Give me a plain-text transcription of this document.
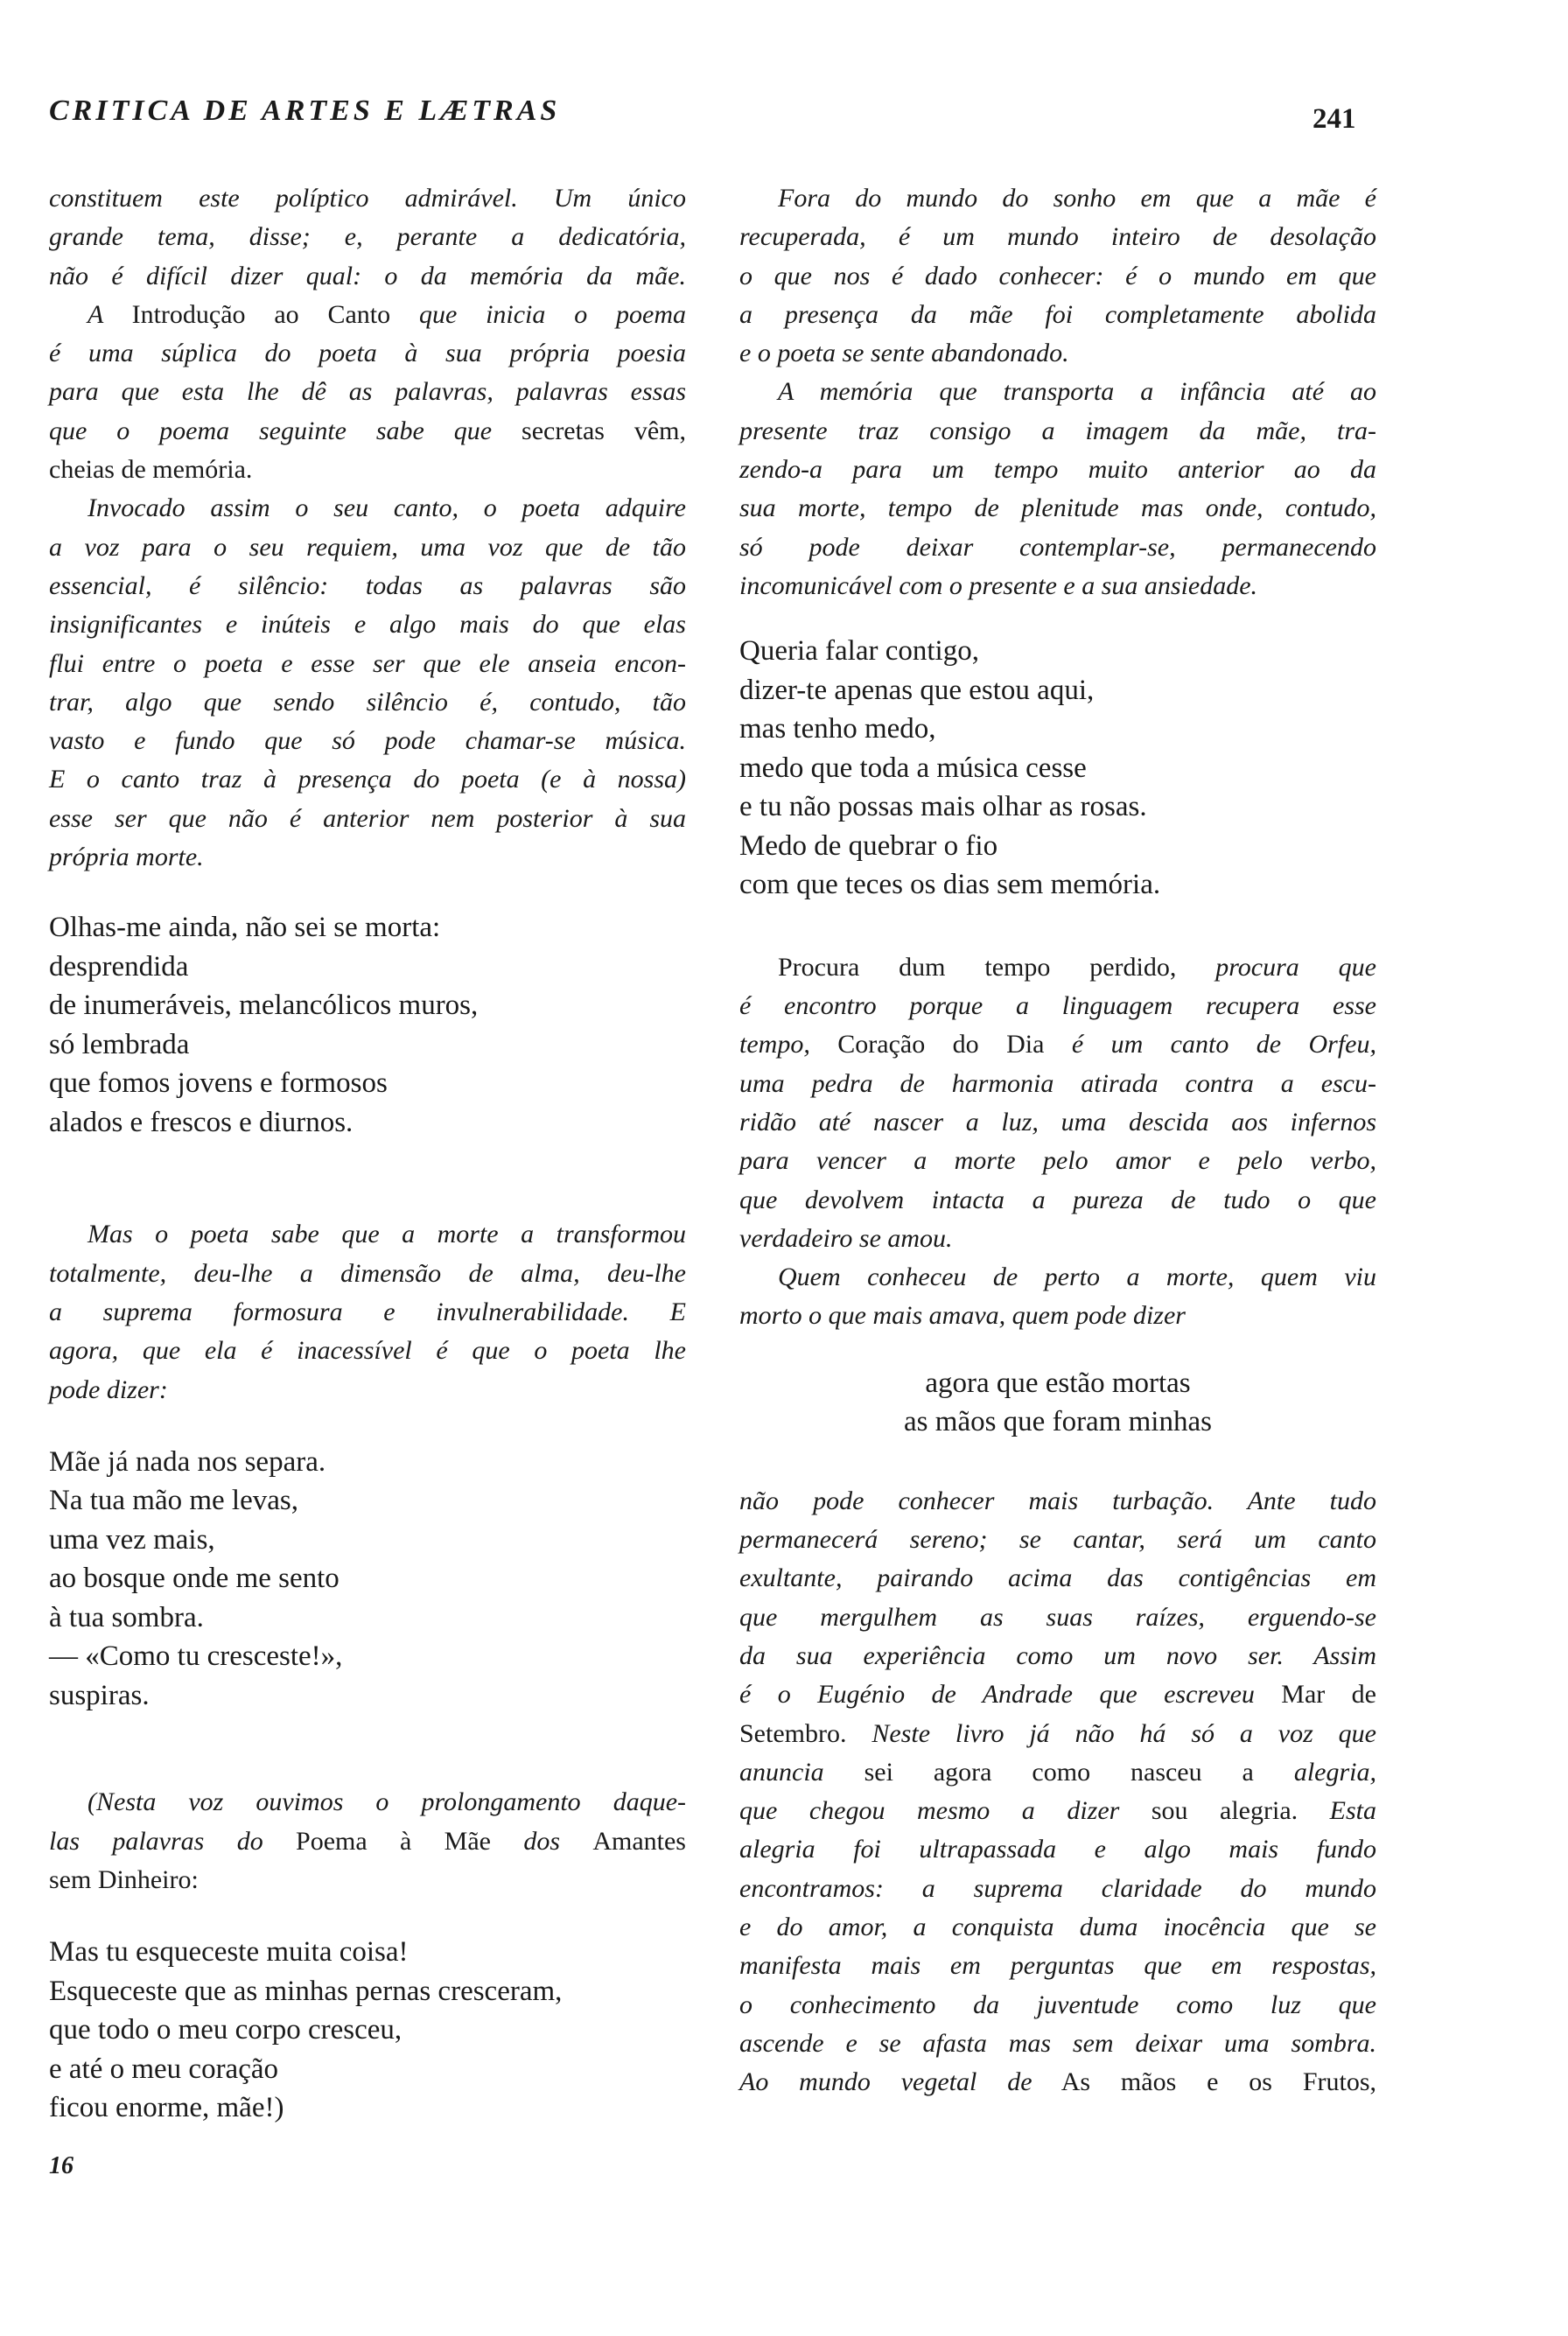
CRITICA DE ARTES E LÆTRAS	241
constituem este políptico admirável. Um único
grande tema, disse; e, perante a dedicatória,
não é difícil dizer qual: o da memória da mãe.
A Introdução ao Canto que inicia o poema
é uma súplica do poeta à sua própria poesia
para que esta lhe dê as palavras, palavras essas
que o poema seguinte sabe que secretas vêm,
cheias de memória.
Invocado assim o seu canto, o poeta adquire
a voz para o seu requiem, uma voz que de tão
essencial, é silêncio: todas as palavras são
insignificantes e inúteis e algo mais do que elas
flui entre o poeta e esse ser que ele anseia encon-
trar, algo que sendo silêncio é, contudo, tão
vasto e fundo que só pode chamar-se música.
E o canto traz à presença do poeta (e à nossa)
esse ser que não é anterior nem posterior à sua
própria morte.
Olhas-me ainda, não sei se morta:
desprendida
de inumeráveis, melancólicos muros,
só lembrada
que fomos jovens e formosos
alados e frescos e diurnos.
Mas o poeta sabe que a morte a transformou
totalmente, deu-lhe a dimensão de alma, deu-lhe
a suprema formosura e invulnerabilidade. E
agora, que ela é inacessível é que o poeta lhe
pode dizer:
Mãe já nada nos separa.
Na tua mão me levas,
uma vez mais,
ao bosque onde me sento
à tua sombra.
— «Como tu cresceste!»,
suspiras.
(Nesta voz ouvimos o prolongamento daque-
las palavras do Poema à Mãe dos Amantes
sem Dinheiro:
Mas tu esqueceste muita coisa!
Esqueceste que as minhas pernas cresceram,
que todo o meu corpo cresceu,
e até o meu coração
ficou enorme, mãe!)
16
Fora do mundo do sonho em que a mãe é
recuperada, é um mundo inteiro de desolação
o que nos é dado conhecer: é o mundo em que
a presença da mãe foi completamente abolida
e o poeta se sente abandonado.
A memória que transporta a infância até ao
presente traz consigo a imagem da mãe, tra-
zendo-a para um tempo muito anterior ao da
sua morte, tempo de plenitude mas onde, contudo,
só pode deixar contemplar-se, permanecendo
incomunicável com o presente e a sua ansiedade.
Queria falar contigo,
dizer-te apenas que estou aqui,
mas tenho medo,
medo que toda a música cesse
e tu não possas mais olhar as rosas.
Medo de quebrar o fio
com que teces os dias sem memória.
Procura dum tempo perdido, procura que
é encontro porque a linguagem recupera esse
tempo, Coração do Dia é um canto de Orfeu,
uma pedra de harmonia atirada contra a escu-
ridão até nascer a luz, uma descida aos infernos
para vencer a morte pelo amor e pelo verbo,
que devolvem intacta a pureza de tudo o que
verdadeiro se amou.
Quem conheceu de perto a morte, quem viu
morto o que mais amava, quem pode dizer
agora que estão mortas
as mãos que foram minhas
não pode conhecer mais turbação. Ante tudo
permanecerá sereno; se cantar, será um canto
exultante, pairando acima das contigências em
que mergulhem as suas raízes, erguendo-se
da sua experiência como um novo ser. Assim
é o Eugénio de Andrade que escreveu Mar de
Setembro. Neste livro já não há só a voz que
anuncia sei agora como nasceu a alegria,
que chegou mesmo a dizer sou alegria. Esta
alegria foi ultrapassada e algo mais fundo
encontramos: a suprema claridade do mundo
e do amor, a conquista duma inocência que se
manifesta mais em perguntas que em respostas,
o conhecimento da juventude como luz que
ascende e se afasta mas sem deixar uma sombra.
Ao mundo vegetal de As mãos e os Frutos,
